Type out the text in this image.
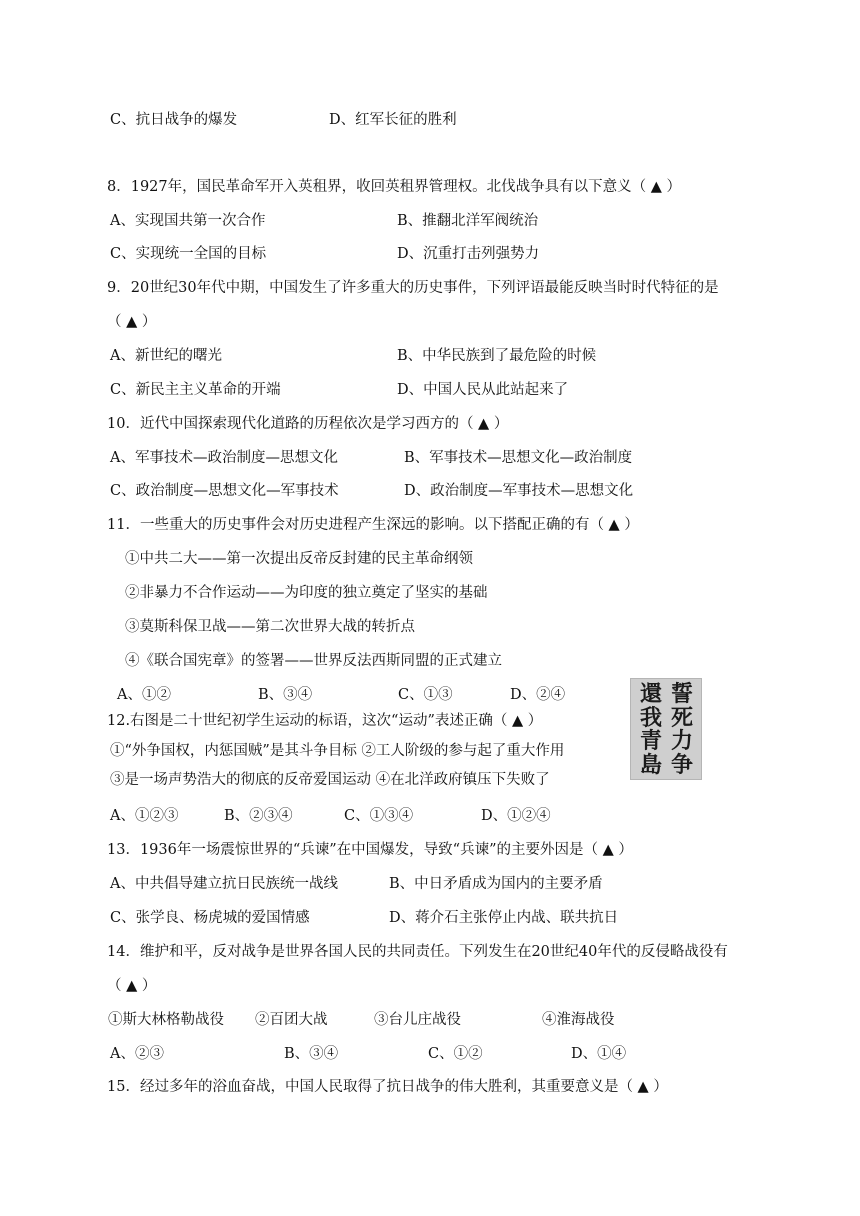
C、抗日战争的爆发	D、红军长征的胜利
8．1927年，国民革命军开入英租界，收回英租界管理权。北伐战争具有以下意义（ ▲ ）
A、实现国共第一次合作	B、推翻北洋军阀统治
C、实现统一全国的目标	D、沉重打击列强势力
9．20世纪30年代中期，中国发生了许多重大的历史事件，下列评语最能反映当时时代特征的是
（ ▲ ）
A、新世纪的曙光	B、中华民族到了最危险的时候
C、新民主主义革命的开端	D、中国人民从此站起来了
10．近代中国探索现代化道路的历程依次是学习西方的（ ▲ ）
A、军事技术—政治制度—思想文化	B、军事技术—思想文化—政治制度
C、政治制度—思想文化—军事技术	D、政治制度—军事技术—思想文化
11．一些重大的历史事件会对历史进程产生深远的影响。以下搭配正确的有（ ▲ ）
①中共二大——第一次提出反帝反封建的民主革命纲领
②非暴力不合作运动——为印度的独立奠定了坚实的基础
③莫斯科保卫战——第二次世界大战的转折点
④《联合国宪章》的签署——世界反法西斯同盟的正式建立
A、①②	B、③④	C、①③	D、②④	誓死力争
還我青島
12.右图是二十世纪初学生运动的标语，这次“运动”表述正确（ ▲ ）
①“外争国权，内惩国贼”是其斗争目标 ②工人阶级的参与起了重大作用
③是一场声势浩大的彻底的反帝爱国运动 ④在北洋政府镇压下失败了
A、①②③	B、②③④	C、①③④	D、①②④
13．1936年一场震惊世界的“兵谏”在中国爆发，导致“兵谏”的主要外因是（ ▲ ）
A、中共倡导建立抗日民族统一战线	B、中日矛盾成为国内的主要矛盾
C、张学良、杨虎城的爱国情感	D、蒋介石主张停止内战、联共抗日
14．维护和平，反对战争是世界各国人民的共同责任。下列发生在20世纪40年代的反侵略战役有
（ ▲ ）
①斯大林格勒战役 ②百团大战	③台儿庄战役	④淮海战役
A、②③	B、③④	C、①②	D、①④
15．经过多年的浴血奋战，中国人民取得了抗日战争的伟大胜利，其重要意义是（ ▲ ）
